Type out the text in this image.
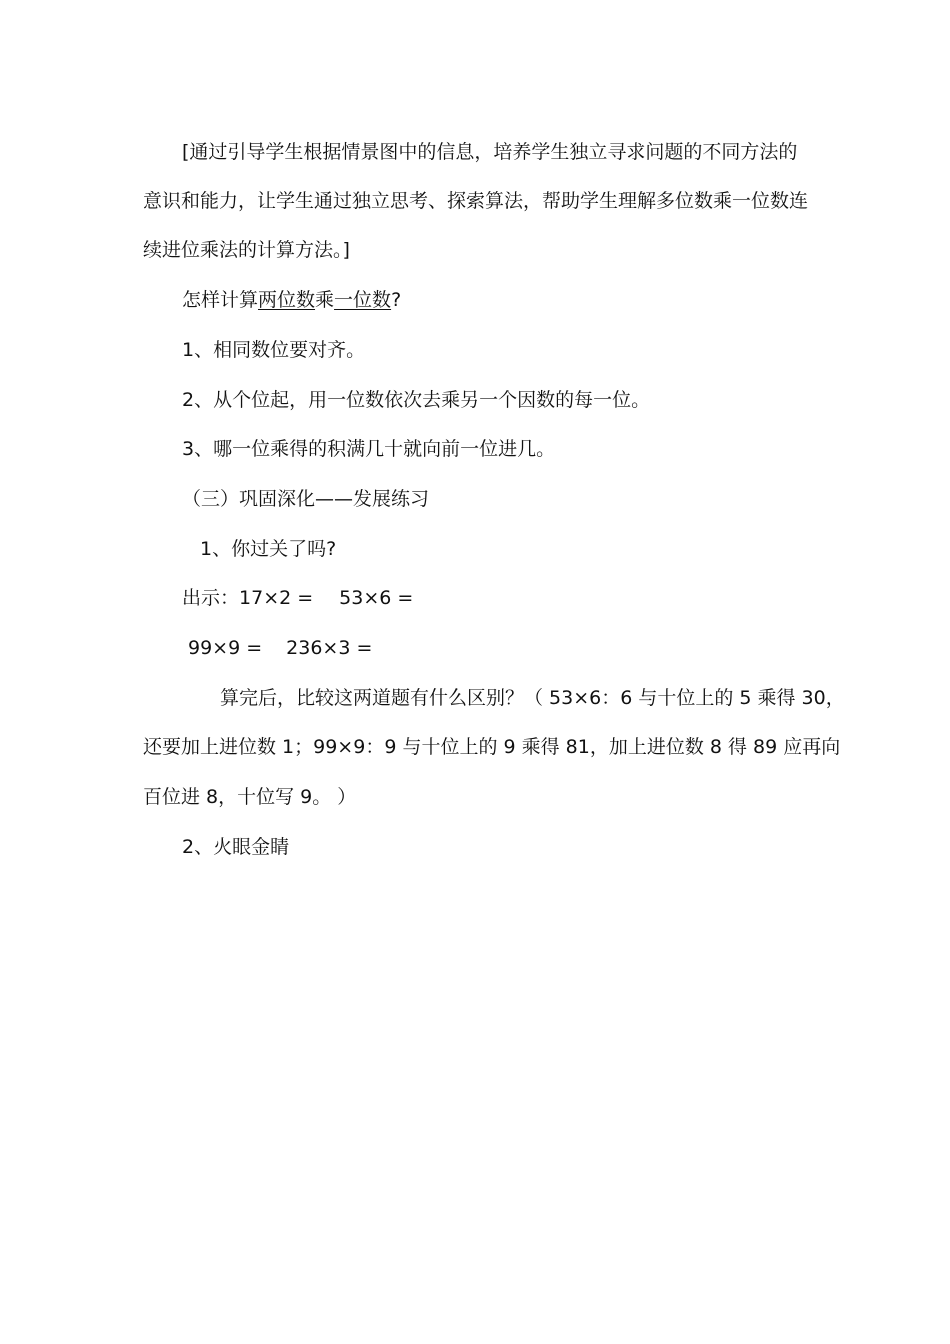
[通过引导学生根据情景图中的信息，培养学生独立寻求问题的不同方法的
意识和能力，让学生通过独立思考、探索算法，帮助学生理解多位数乘一位数连
续进位乘法的计算方法。]
怎样计算两位数乘一位数?
1、相同数位要对齐。
2、从个位起，用一位数依次去乘另一个因数的每一位。
3、哪一位乘得的积满几十就向前一位进几。
（三）巩固深化——发展练习
1、你过关了吗?
出示：17×2 = 53×6 =
99×9 = 236×3 =
算完后，比较这两道题有什么区别？（ 53×6：6 与十位上的 5 乘得 30，
还要加上进位数 1；99×9：9 与十位上的 9 乘得 81，加上进位数 8 得 89 应再向
百位进 8，十位写 9。 ）
2、火眼金睛
